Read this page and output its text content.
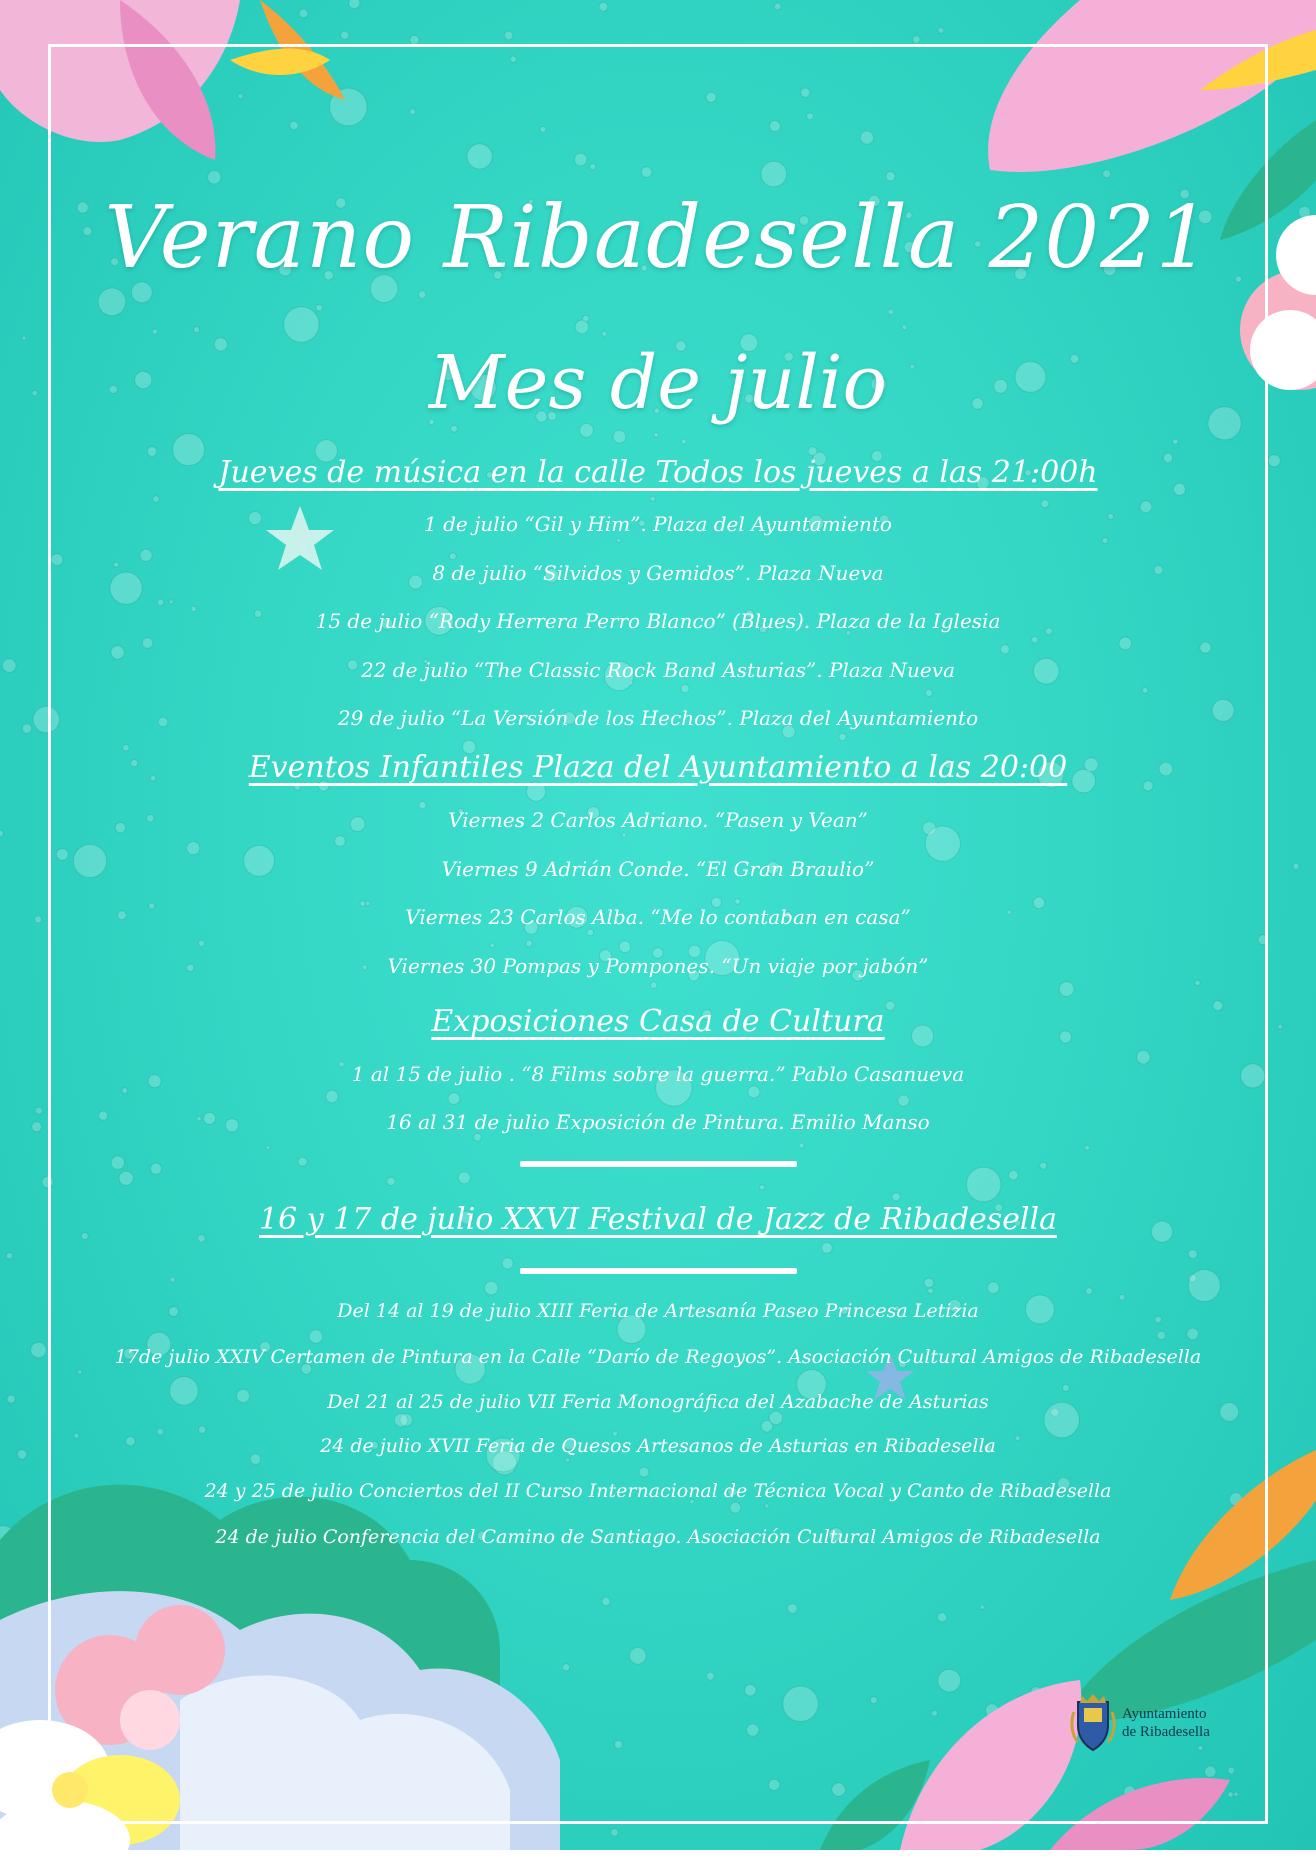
Verano Ribadesella 2021
Mes de julio
Jueves de música en la calle Todos los jueves a las 21:00h
1 de julio “Gil y Him”. Plaza del Ayuntamiento
8 de julio “Silvidos y Gemidos”. Plaza Nueva
15 de julio “Rody Herrera Perro Blanco” (Blues). Plaza de la Iglesia
22 de julio “The Classic Rock Band Asturias”. Plaza Nueva
29 de julio “La Versión de los Hechos”. Plaza del Ayuntamiento
Eventos Infantiles Plaza del Ayuntamiento a las 20:00
Viernes 2 Carlos Adriano. “Pasen y Vean”
Viernes 9 Adrián Conde. “El Gran Braulio”
Viernes 23 Carlos Alba. “Me lo contaban en casa”
Viernes 30 Pompas y Pompones. “Un viaje por jabón”
Exposiciones Casa de Cultura
1 al 15 de julio . “8 Films sobre la guerra.” Pablo Casanueva
16 al 31 de julio Exposición de Pintura. Emilio Manso
16 y 17 de julio XXVI Festival de Jazz de Ribadesella
Del 14 al 19 de julio XIII Feria de Artesanía Paseo Princesa Letizia
17de julio XXIV Certamen de Pintura en la Calle “Darío de Regoyos”. Asociación Cultural Amigos de Ribadesella
Del 21 al 25 de julio VII Feria Monográfica del Azabache de Asturias
24 de julio XVII Feria de Quesos Artesanos de Asturias en Ribadesella
24 y 25 de julio Conciertos del II Curso Internacional de Técnica Vocal y Canto de Ribadesella
24 de julio Conferencia del Camino de Santiago. Asociación Cultural Amigos de Ribadesella
Ayuntamiento
de Ribadesella
